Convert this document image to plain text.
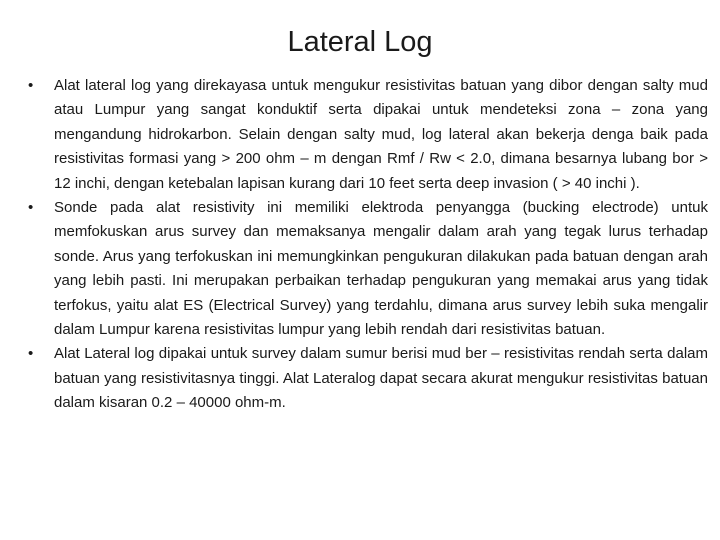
Lateral Log
•	Alat lateral log yang direkayasa untuk mengukur resistivitas batuan yang dibor dengan salty mud atau Lumpur yang sangat konduktif serta dipakai untuk mendeteksi zona – zona yang mengandung hidrokarbon. Selain dengan salty mud, log lateral akan bekerja denga baik pada resistivitas formasi yang > 200 ohm – m dengan Rmf / Rw < 2.0, dimana besarnya lubang bor > 12 inchi, dengan ketebalan lapisan kurang dari 10 feet serta deep invasion ( > 40 inchi ).
•	Sonde pada alat resistivity ini memiliki elektroda penyangga (bucking electrode) untuk memfokuskan arus survey dan memaksanya mengalir dalam arah yang tegak lurus terhadap sonde. Arus yang terfokuskan ini memungkinkan pengukuran dilakukan pada batuan dengan arah yang lebih pasti. Ini merupakan perbaikan terhadap pengukuran yang memakai arus yang tidak terfokus, yaitu alat ES (Electrical Survey) yang terdahlu, dimana arus survey lebih suka mengalir dalam Lumpur karena resistivitas lumpur yang lebih rendah dari resistivitas batuan.
•	Alat Lateral log dipakai untuk survey dalam sumur berisi mud ber – resistivitas rendah serta dalam batuan yang resistivitasnya tinggi. Alat Lateralog dapat secara akurat mengukur resistivitas batuan dalam kisaran 0.2 – 40000 ohm-m.
